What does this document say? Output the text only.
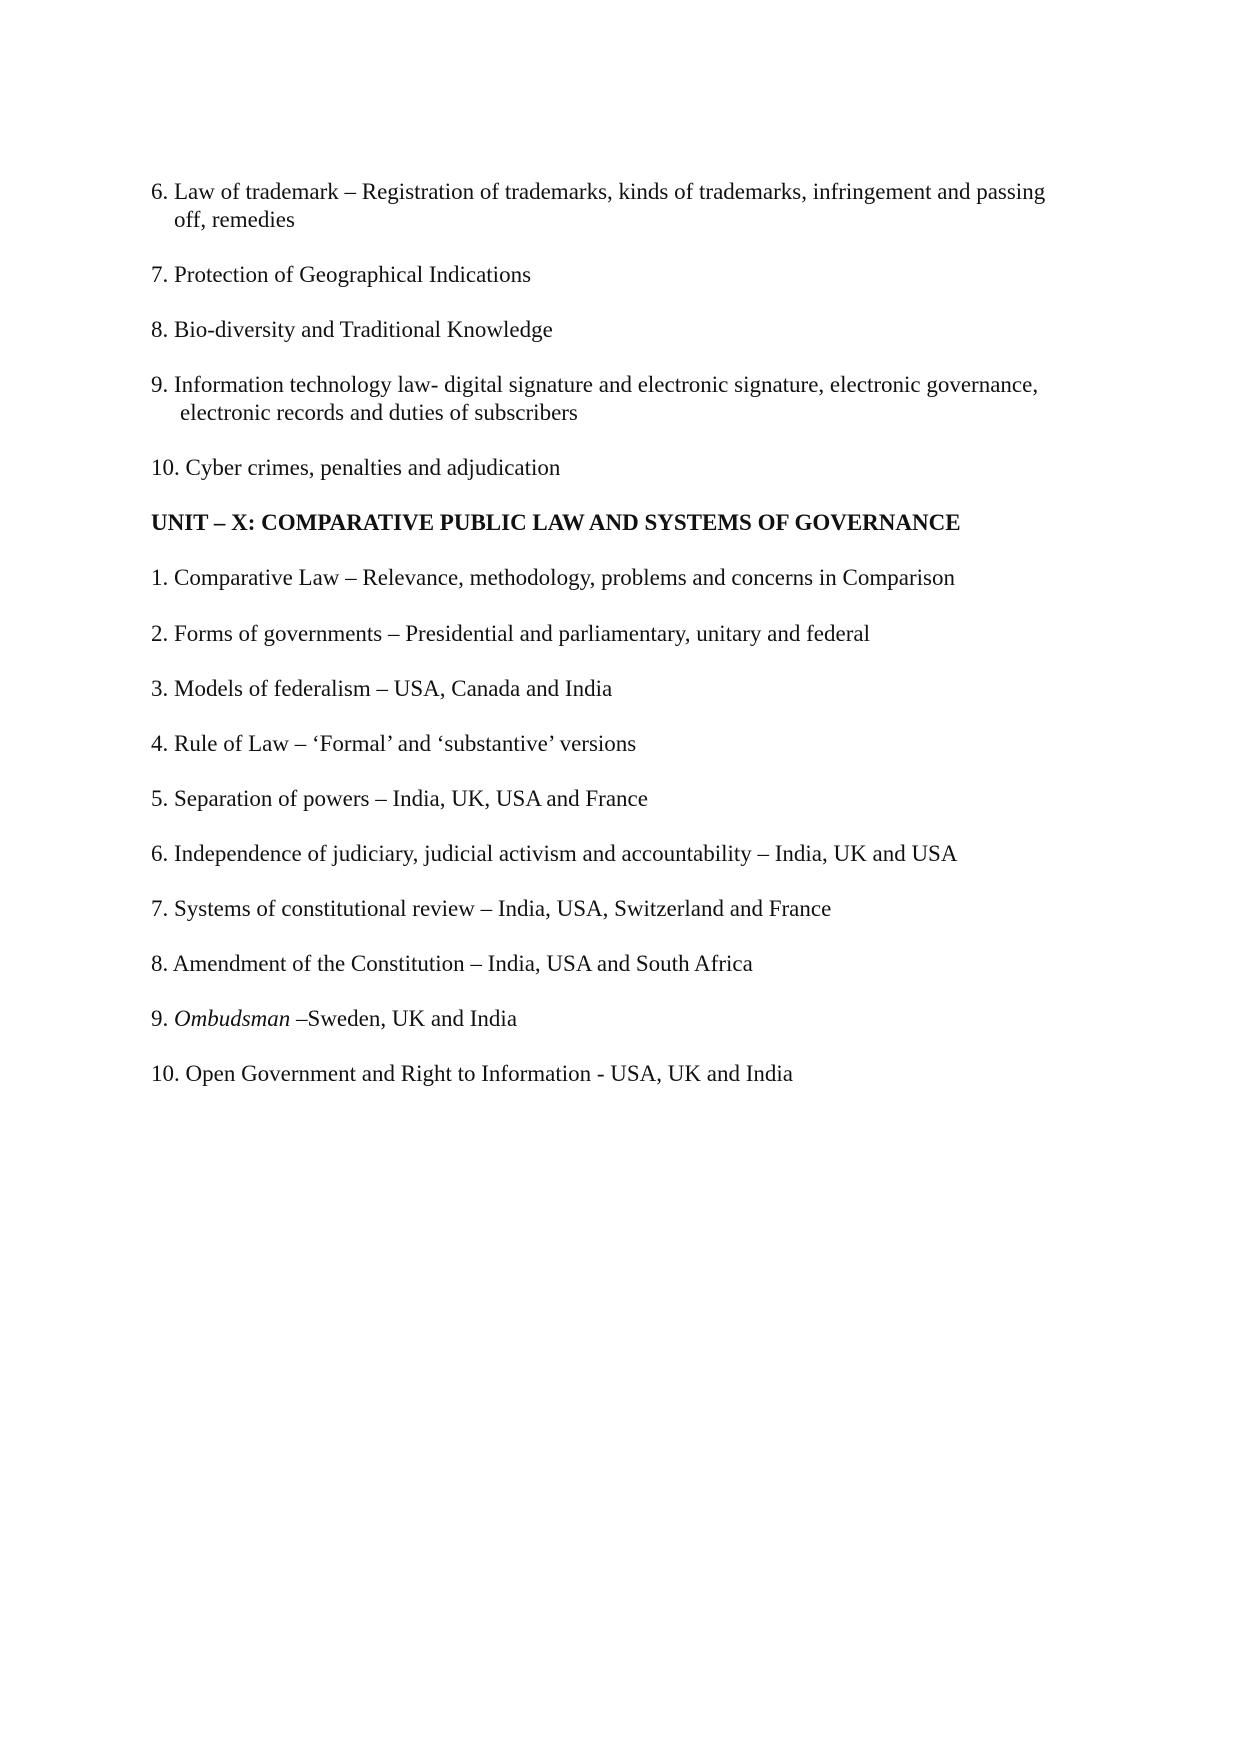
6. Law of trademark – Registration of trademarks, kinds of trademarks, infringement and passing
off, remedies
7. Protection of Geographical Indications
8. Bio-diversity and Traditional Knowledge
9. Information technology law- digital signature and electronic signature, electronic governance,
electronic records and duties of subscribers
10. Cyber crimes, penalties and adjudication
UNIT – X: COMPARATIVE PUBLIC LAW AND SYSTEMS OF GOVERNANCE
1. Comparative Law – Relevance, methodology, problems and concerns in Comparison
2. Forms of governments – Presidential and parliamentary, unitary and federal
3. Models of federalism – USA, Canada and India
4. Rule of Law – ‘Formal’ and ‘substantive’ versions
5. Separation of powers – India, UK, USA and France
6. Independence of judiciary, judicial activism and accountability – India, UK and USA
7. Systems of constitutional review – India, USA, Switzerland and France
8. Amendment of the Constitution – India, USA and South Africa
9. Ombudsman –Sweden, UK and India
10. Open Government and Right to Information - USA, UK and India
